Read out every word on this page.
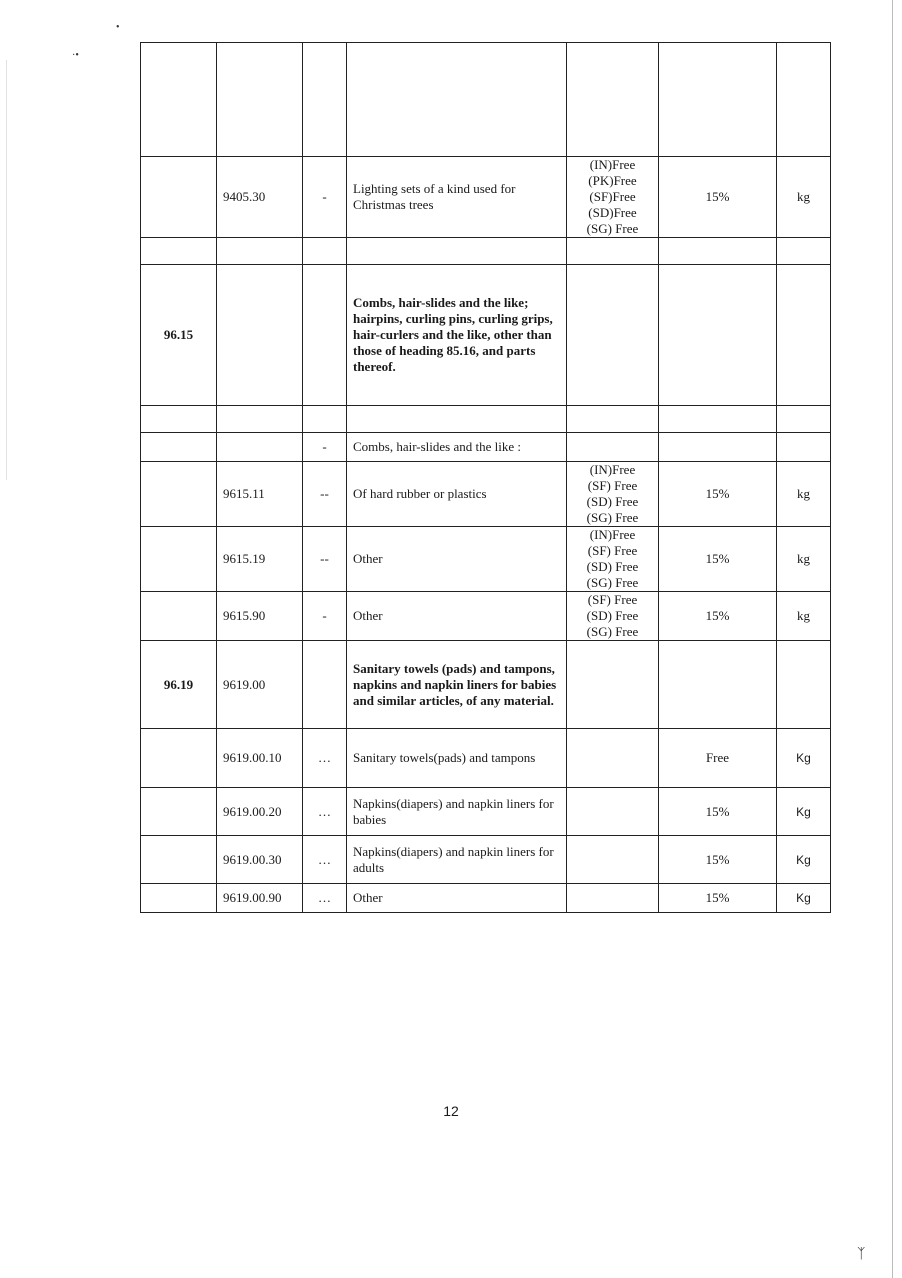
•
·•

	9405.30	-	Lighting sets of a kind used for Christmas trees	(IN)Free
(PK)Free
(SF)Free
(SD)Free
(SG) Free	15%	kg

96.15			Combs, hair-slides and the like; hairpins, curling pins, curling grips, hair-curlers and the like, other than those of heading 85.16, and parts thereof.			

		-	Combs, hair-slides and the like :			
	9615.11	--	Of hard rubber or plastics	(IN)Free
(SF) Free
(SD) Free
(SG) Free	15%	kg
	9615.19	--	Other	(IN)Free
(SF) Free
(SD) Free
(SG) Free	15%	kg
	9615.90	-	Other	(SF) Free
(SD) Free
(SG) Free	15%	kg
96.19	9619.00		Sanitary towels (pads) and tampons, napkins and napkin liners for babies and similar articles, of any material.			
	9619.00.10	…	Sanitary towels(pads) and tampons		Free	Kg
	9619.00.20	…	Napkins(diapers) and napkin liners for babies		15%	Kg
	9619.00.30	…	Napkins(diapers) and napkin liners for adults		15%	Kg
	9619.00.90	…	Other		15%	Kg
12
ᛉ
